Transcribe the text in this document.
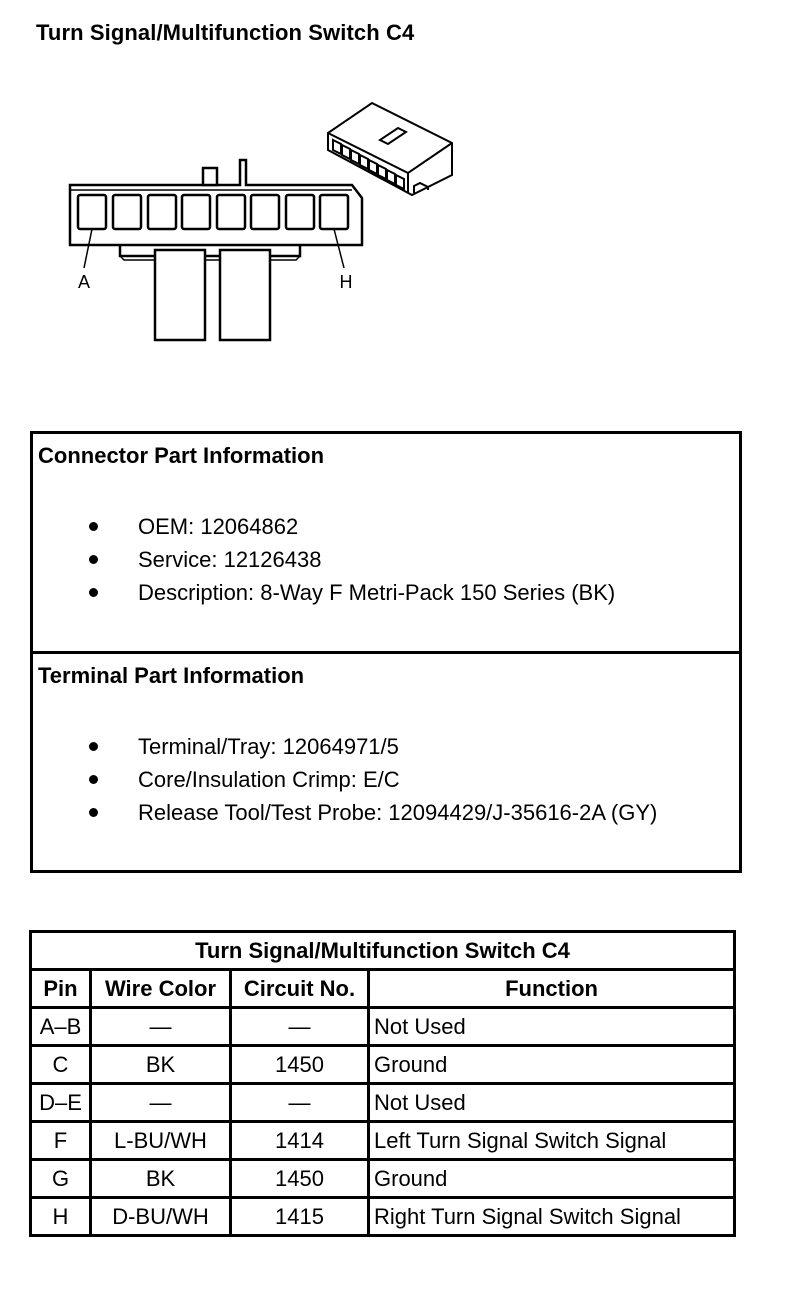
Turn Signal/Multifunction Switch C4
A	H
Connector Part Information
OEM: 12064862
Service: 12126438
Description: 8-Way F Metri-Pack 150 Series (BK)
Terminal Part Information
Terminal/Tray: 12064971/5
Core/Insulation Crimp: E/C
Release Tool/Test Probe: 12094429/J-35616-2A (GY)
Turn Signal/Multifunction Switch C4			
Pin	Wire Color	Circuit No.	Function
A–B	—	—	Not Used
C	BK	1450	Ground
D–E	—	—	Not Used
F	L-BU/WH	1414	Left Turn Signal Switch Signal
G	BK	1450	Ground
H	D-BU/WH	1415	Right Turn Signal Switch Signal
